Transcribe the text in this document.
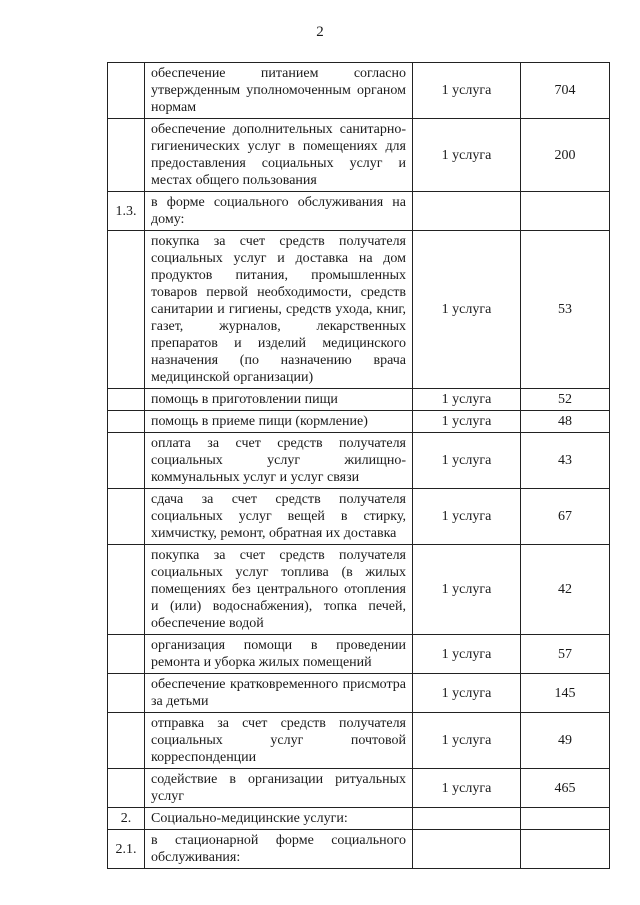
2
	обеспечение питанием согласно утвержденным уполномоченным органом нормам	1 услуга	704
	обеспечение дополнительных санитарно-гигиенических услуг в помещениях для предоставления социальных услуг и местах общего пользования	1 услуга	200
1.3.	в форме социального обслуживания на дому:		
	покупка за счет средств получателя социальных услуг и доставка на дом продуктов питания, промышленных товаров первой необходимости, средств санитарии и гигиены, средств ухода, книг, газет, журналов, лекарственных препаратов и изделий медицинского назначения (по назначению врача медицинской организации)	1 услуга	53
	помощь в приготовлении пищи	1 услуга	52
	помощь в приеме пищи (кормление)	1 услуга	48
	оплата за счет средств получателя социальных услуг жилищно-коммунальных услуг и услуг связи	1 услуга	43
	сдача за счет средств получателя социальных услуг вещей в стирку, химчистку, ремонт, обратная их доставка	1 услуга	67
	покупка за счет средств получателя социальных услуг топлива (в жилых помещениях без центрального отопления и (или) водоснабжения), топка печей, обеспечение водой	1 услуга	42
	организация помощи в проведении ремонта и уборка жилых помещений	1 услуга	57
	обеспечение кратковременного присмотра за детьми	1 услуга	145
	отправка за счет средств получателя социальных услуг почтовой корреспонденции	1 услуга	49
	содействие в организации ритуальных услуг	1 услуга	465
2.	Социально-медицинские услуги:		
2.1.	в стационарной форме социального обслуживания:		
